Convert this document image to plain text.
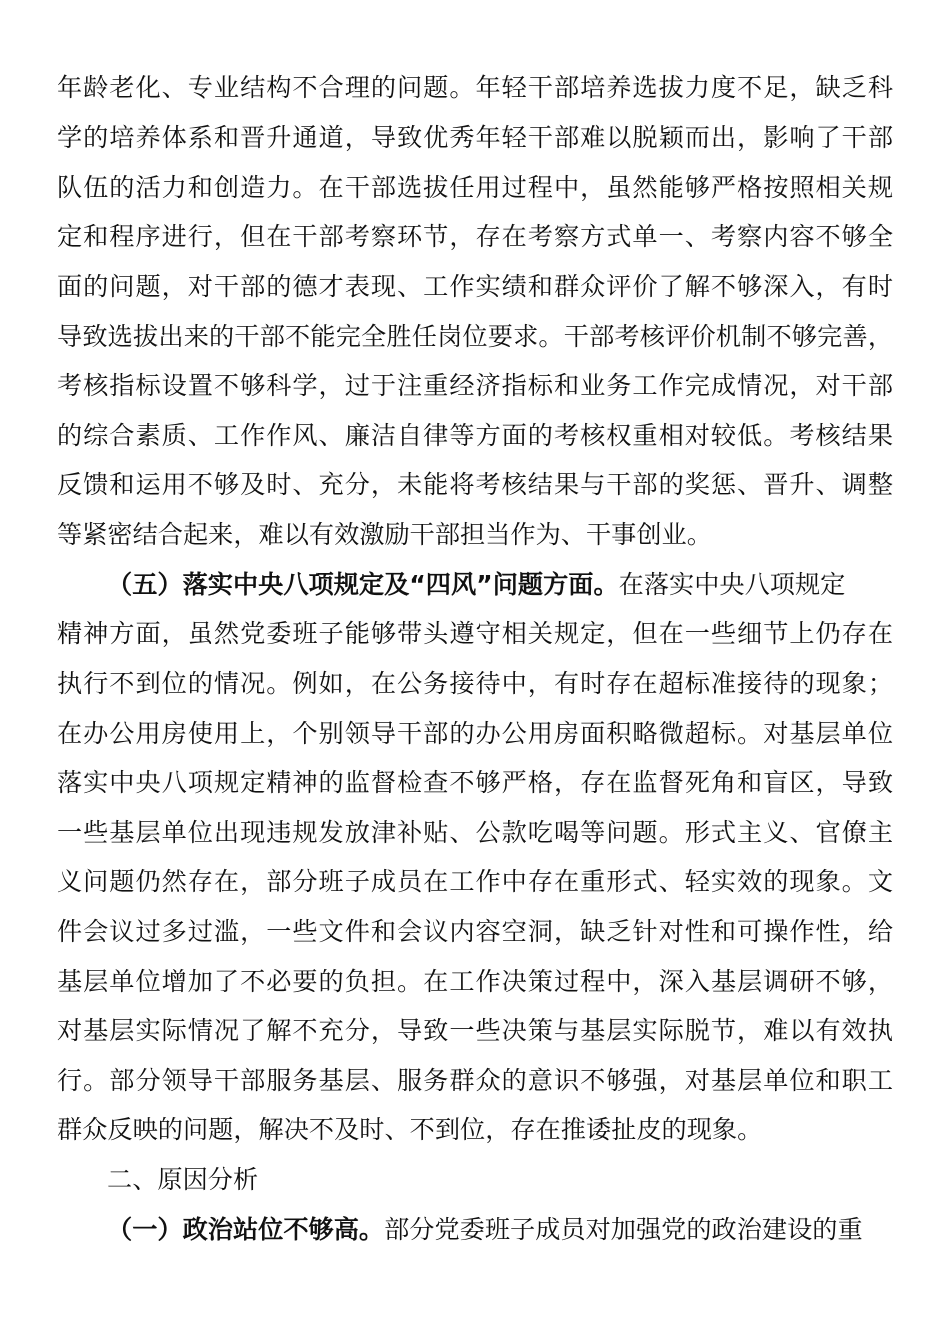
年龄老化、专业结构不合理的问题。年轻干部培养选拔力度不足，缺乏科
学的培养体系和晋升通道，导致优秀年轻干部难以脱颖而出，影响了干部
队伍的活力和创造力。在干部选拔任用过程中，虽然能够严格按照相关规
定和程序进行，但在干部考察环节，存在考察方式单一、考察内容不够全
面的问题，对干部的德才表现、工作实绩和群众评价了解不够深入，有时
导致选拔出来的干部不能完全胜任岗位要求。干部考核评价机制不够完善，
考核指标设置不够科学，过于注重经济指标和业务工作完成情况，对干部
的综合素质、工作作风、廉洁自律等方面的考核权重相对较低。考核结果
反馈和运用不够及时、充分，未能将考核结果与干部的奖惩、晋升、调整
等紧密结合起来，难以有效激励干部担当作为、干事创业。
（五）落实中央八项规定及“四风”问题方面。在落实中央八项规定
精神方面，虽然党委班子能够带头遵守相关规定，但在一些细节上仍存在
执行不到位的情况。例如，在公务接待中，有时存在超标准接待的现象；
在办公用房使用上，个别领导干部的办公用房面积略微超标。对基层单位
落实中央八项规定精神的监督检查不够严格，存在监督死角和盲区，导致
一些基层单位出现违规发放津补贴、公款吃喝等问题。形式主义、官僚主
义问题仍然存在，部分班子成员在工作中存在重形式、轻实效的现象。文
件会议过多过滥，一些文件和会议内容空洞，缺乏针对性和可操作性，给
基层单位增加了不必要的负担。在工作决策过程中，深入基层调研不够，
对基层实际情况了解不充分，导致一些决策与基层实际脱节，难以有效执
行。部分领导干部服务基层、服务群众的意识不够强，对基层单位和职工
群众反映的问题，解决不及时、不到位，存在推诿扯皮的现象。
二、原因分析
（一）政治站位不够高。部分党委班子成员对加强党的政治建设的重
